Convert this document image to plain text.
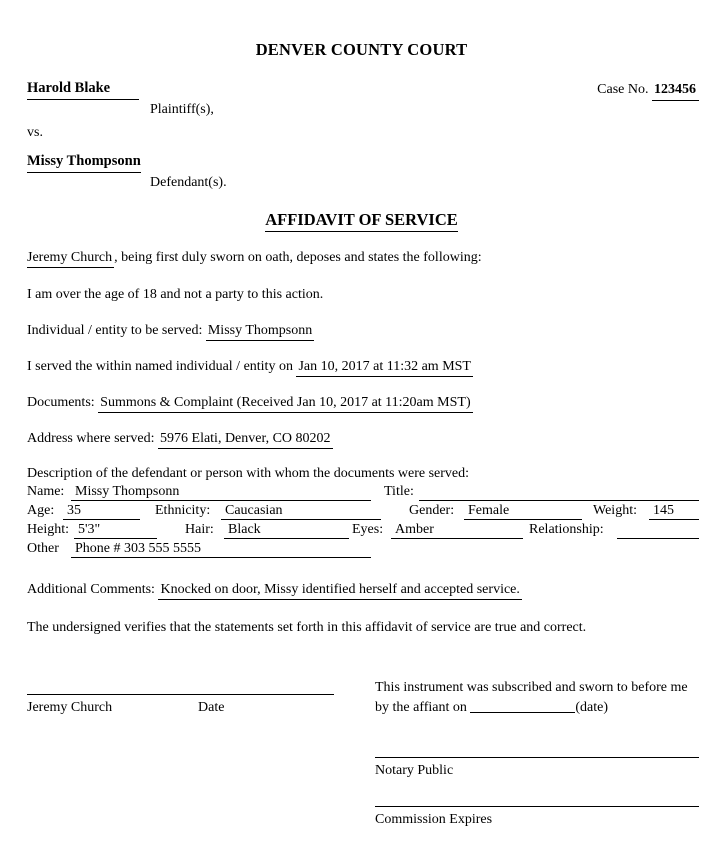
DENVER COUNTY COURT
Harold Blake	Case No. 123456
Plaintiff(s),
vs.
Missy Thompsonn
Defendant(s).
AFFIDAVIT OF SERVICE
Jeremy Church , being first duly sworn on oath, deposes and states the following:
I am over the age of 18 and not a party to this action.
Individual / entity to be served: Missy Thompsonn
I served the within named individual / entity on Jan 10, 2017 at 11:32 am MST
Documents: Summons & Complaint (Received Jan 10, 2017 at 11:20am MST)
Address where served: 5976 Elati, Denver, CO 80202
Description of the defendant or person with whom the documents were served:
Name: Missy Thompsonn	Title:
Age: 35	Ethnicity: Caucasian	Gender: Female	Weight: 145
Height: 5'3"	Hair: Black	Eyes: Amber	Relationship:
Other Phone # 303 555 5555
Additional Comments: Knocked on door, Missy identified herself and accepted service.
The undersigned verifies that the statements set forth in this affidavit of service are true and correct.
Jeremy Church	Date
This instrument was subscribed and sworn to before me
by the affiant on	(date)
Notary Public
Commission Expires
